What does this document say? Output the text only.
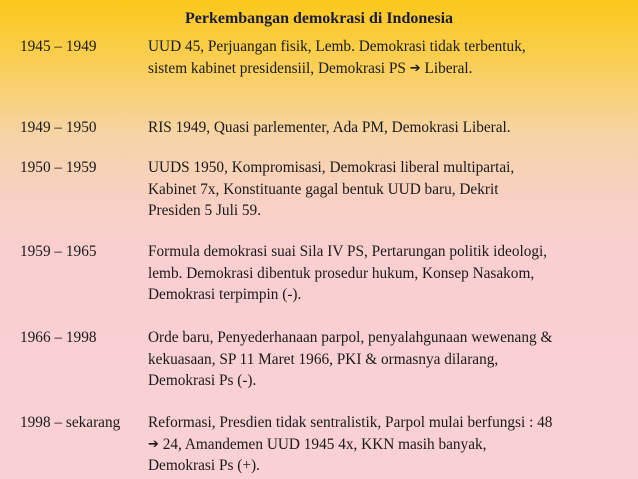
Perkembangan demokrasi di Indonesia
1945 – 1949	UUD 45, Perjuangan fisik, Lemb. Demokrasi tidak terbentuk,
sistem kabinet presidensiil, Demokrasi PS ➔ Liberal.
1949 – 1950	RIS 1949, Quasi parlementer, Ada PM, Demokrasi Liberal.
1950 – 1959	UUDS 1950, Kompromisasi, Demokrasi liberal multipartai,
Kabinet 7x, Konstituante gagal bentuk UUD baru, Dekrit
Presiden 5 Juli 59.
1959 – 1965	Formula demokrasi suai Sila IV PS, Pertarungan politik ideologi,
lemb. Demokrasi dibentuk prosedur hukum, Konsep Nasakom,
Demokrasi terpimpin (-).
1966 – 1998	Orde baru, Penyederhanaan parpol, penyalahgunaan wewenang &
kekuasaan, SP 11 Maret 1966, PKI & ormasnya dilarang,
Demokrasi Ps (-).
1998 – sekarang	Reformasi, Presdien tidak sentralistik, Parpol mulai berfungsi : 48
➔ 24, Amandemen UUD 1945 4x, KKN masih banyak,
Demokrasi Ps (+).
